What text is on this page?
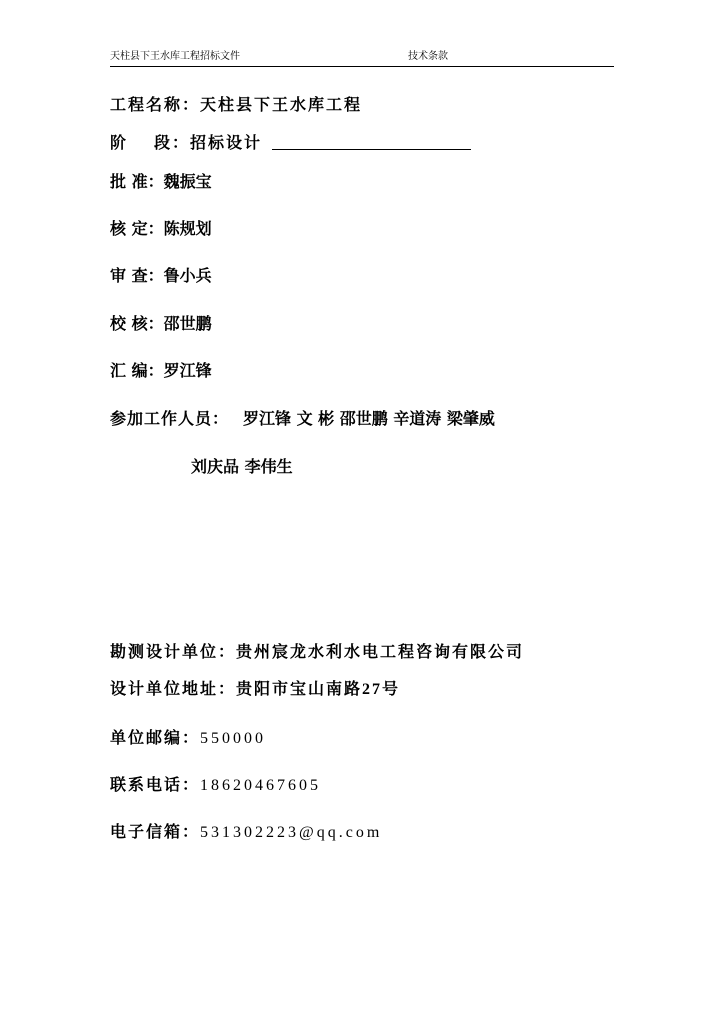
天柱县下王水库工程招标文件	技术条款
工程名称：天柱县下王水库工程
阶 段：招标设计
批 准：魏振宝
核 定：陈规划
审 查：鲁小兵
校 核：邵世鹏
汇 编：罗江锋
参加工作人员： 罗江锋 文 彬 邵世鹏 辛道涛 梁肇威
刘庆品 李伟生
勘测设计单位：贵州宸龙水利水电工程咨询有限公司
设计单位地址：贵阳市宝山南路27号
单位邮编：550000
联系电话：18620467605
电子信箱：531302223@qq.com
